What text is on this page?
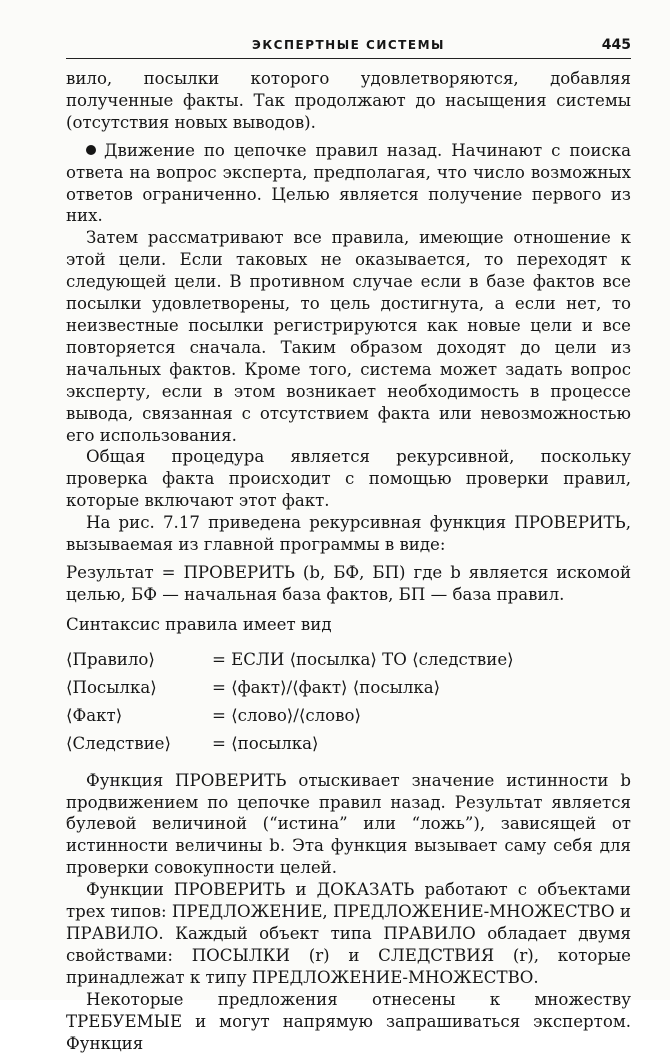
ЭКСПЕРТНЫЕ СИСТЕМЫ	445

вило, посылки которого удовлетворяются, добавляя полученные факты. Так продолжают до насыщения системы (отсутствия новых выводов).

Движение по цепочке правил назад. Начинают с поиска ответа на вопрос эксперта, предполагая, что число возможных ответов ограниченно. Целью является получение первого из них.

Затем рассматривают все правила, имеющие отношение к этой цели. Если таковых не оказывается, то переходят к следующей цели. В противном случае если в базе фактов все посылки удовлетворены, то цель достигнута, а если нет, то неизвестные посылки регистрируются как новые цели и все повторяется сначала. Таким образом доходят до цели из начальных фактов. Кроме того, система может задать вопрос эксперту, если в этом возникает необходимость в процессе вывода, связанная с отсутствием факта или невозможностью его использования.

Общая процедура является рекурсивной, поскольку проверка факта происходит с помощью проверки правил, которые включают этот факт.

На рис. 7.17 приведена рекурсивная функция ПРОВЕРИТЬ, вызываемая из главной программы в виде:

Результат = ПРОВЕРИТЬ (b, БФ, БП) где b является искомой целью, БФ — начальная база фактов, БП — база правил.

Синтаксис правила имеет вид

⟨Правило⟩	= ЕСЛИ ⟨посылка⟩ ТО ⟨следствие⟩
⟨Посылка⟩	= ⟨факт⟩/⟨факт⟩ ⟨посылка⟩
⟨Факт⟩	= ⟨слово⟩/⟨слово⟩
⟨Следствие⟩	= ⟨посылка⟩

Функция ПРОВЕРИТЬ отыскивает значение истинности b продвижением по цепочке правил назад. Результат является булевой величиной (“истина” или “ложь”), зависящей от истинности величины b. Эта функция вызывает саму себя для проверки совокупности целей.

Функции ПРОВЕРИТЬ и ДОКАЗАТЬ работают с объектами трех типов: ПРЕДЛОЖЕНИЕ, ПРЕДЛОЖЕНИЕ-МНОЖЕСТВО и ПРАВИЛО. Каждый объект типа ПРАВИЛО обладает двумя свойствами: ПОСЫЛКИ (r) и СЛЕДСТВИЯ (r), которые принадлежат к типу ПРЕДЛОЖЕНИЕ-МНОЖЕСТВО.

Некоторые предложения отнесены к множеству ТРЕБУЕМЫЕ и могут напрямую запрашиваться экспертом. Функция
